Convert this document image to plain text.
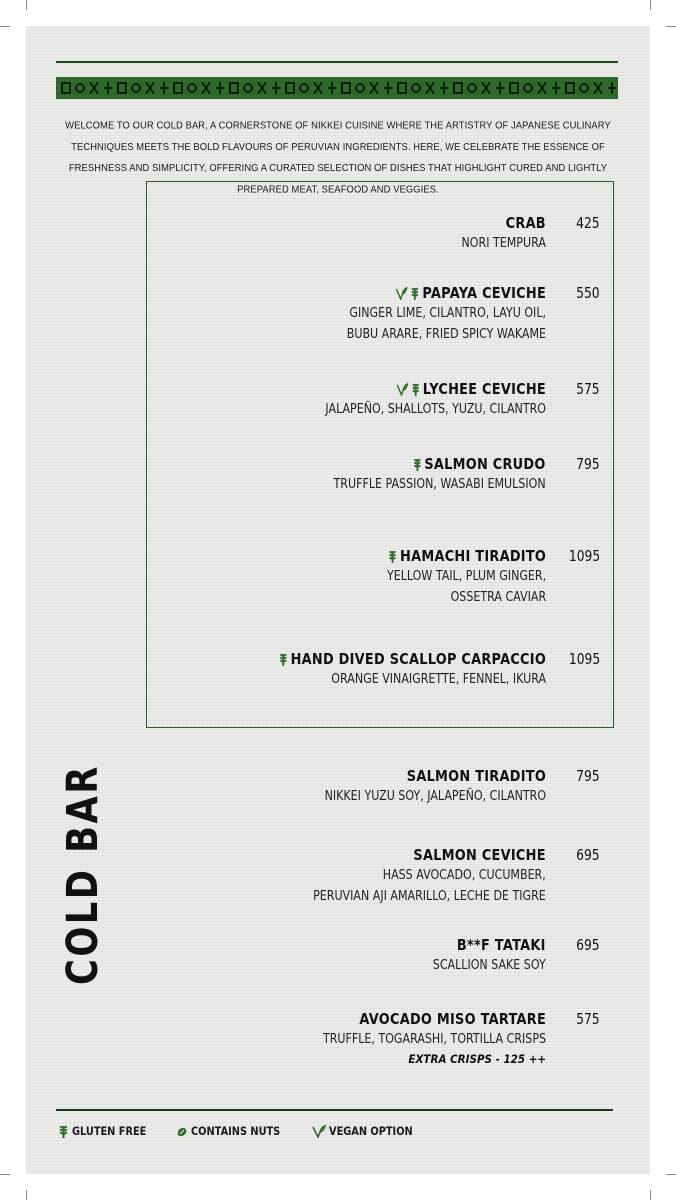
WELCOME TO OUR COLD BAR, A CORNERSTONE OF NIKKEI CUISINE WHERE THE ARTISTRY OF JAPANESE CULINARY TECHNIQUES MEETS THE BOLD FLAVOURS OF PERUVIAN INGREDIENTS. HERE, WE CELEBRATE THE ESSENCE OF FRESHNESS AND SIMPLICITY, OFFERING A CURATED SELECTION OF DISHES THAT HIGHLIGHT CURED AND LIGHTLY PREPARED MEAT, SEAFOOD AND VEGGIES.
CRAB
NORI TEMPURA
425
PAPAYA CEVICHE
GINGER LIME, CILANTRO, LAYU OIL,
BUBU ARARE, FRIED SPICY WAKAME
550
LYCHEE CEVICHE
JALAPEÑO, SHALLOTS, YUZU, CILANTRO
575
SALMON CRUDO
TRUFFLE PASSION, WASABI EMULSION
795
HAMACHI TIRADITO
YELLOW TAIL, PLUM GINGER,
OSSETRA CAVIAR
1095
HAND DIVED SCALLOP CARPACCIO
ORANGE VINAIGRETTE, FENNEL, IKURA
1095
SALMON TIRADITO
NIKKEI YUZU SOY, JALAPEÑO, CILANTRO
795
SALMON CEVICHE
HASS AVOCADO, CUCUMBER,
PERUVIAN AJI AMARILLO, LECHE DE TIGRE
695
B**F TATAKI
SCALLION SAKE SOY
695
AVOCADO MISO TARTARE
TRUFFLE, TOGARASHI, TORTILLA CRISPS
EXTRA CRISPS - 125 ++
575
COLD BAR
GLUTEN FREE	CONTAINS NUTS	VEGAN OPTION
